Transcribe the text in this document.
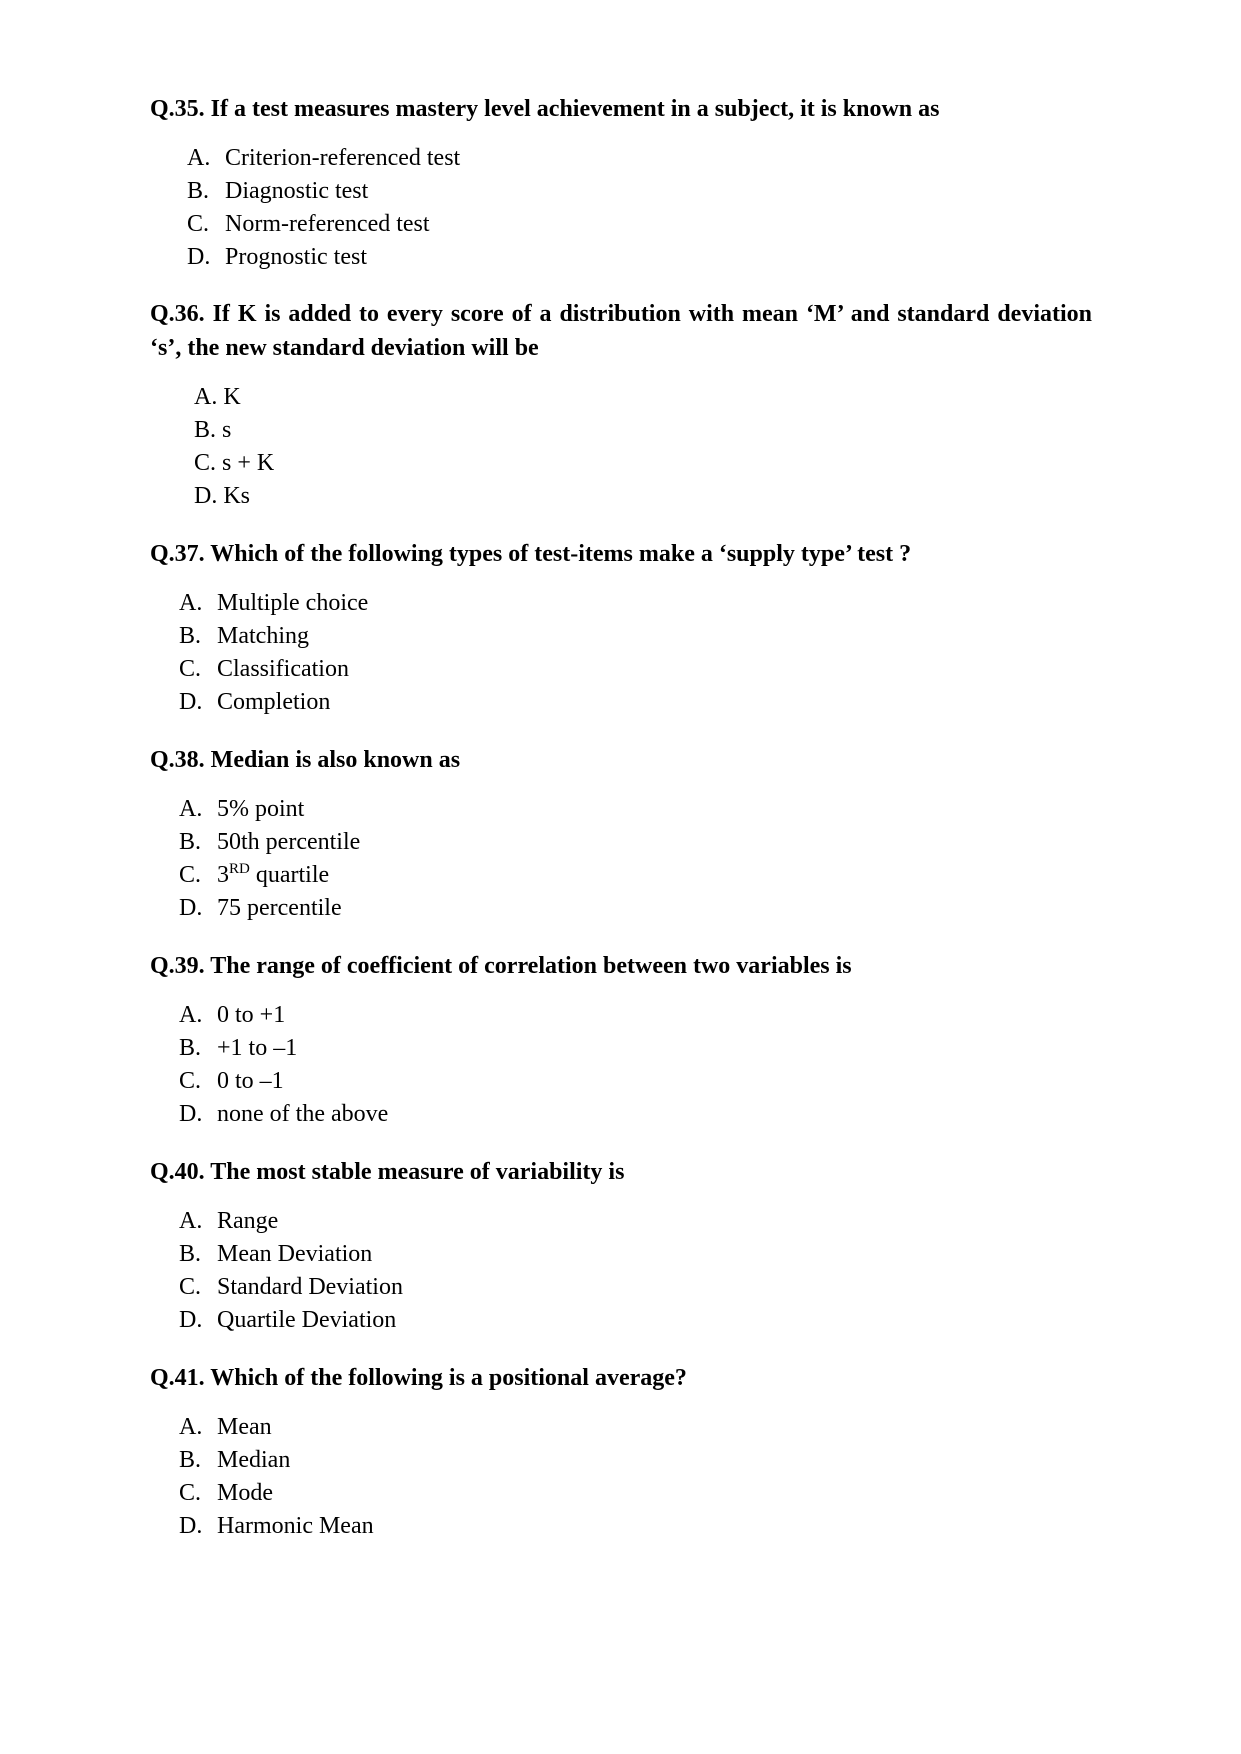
Q.35. If a test measures mastery level achievement in a subject, it is known as

A. Criterion-referenced test
B. Diagnostic test
C. Norm-referenced test
D. Prognostic test

Q.36. If K is added to every score of a distribution with mean ‘M’ and standard deviation ‘s’, the new standard deviation will be

A. K
B. s
C. s + K
D. Ks

Q.37. Which of the following types of test-items make a ‘supply type’ test ?

A. Multiple choice
B. Matching
C. Classification
D. Completion

Q.38. Median is also known as

A. 5% point
B. 50th percentile
C. 3RD quartile
D. 75 percentile

Q.39. The range of coefficient of correlation between two variables is

A. 0 to +1
B. +1 to –1
C. 0 to –1
D. none of the above

Q.40. The most stable measure of variability is

A. Range
B. Mean Deviation
C. Standard Deviation
D. Quartile Deviation

Q.41. Which of the following is a positional average?

A. Mean
B. Median
C. Mode
D. Harmonic Mean
